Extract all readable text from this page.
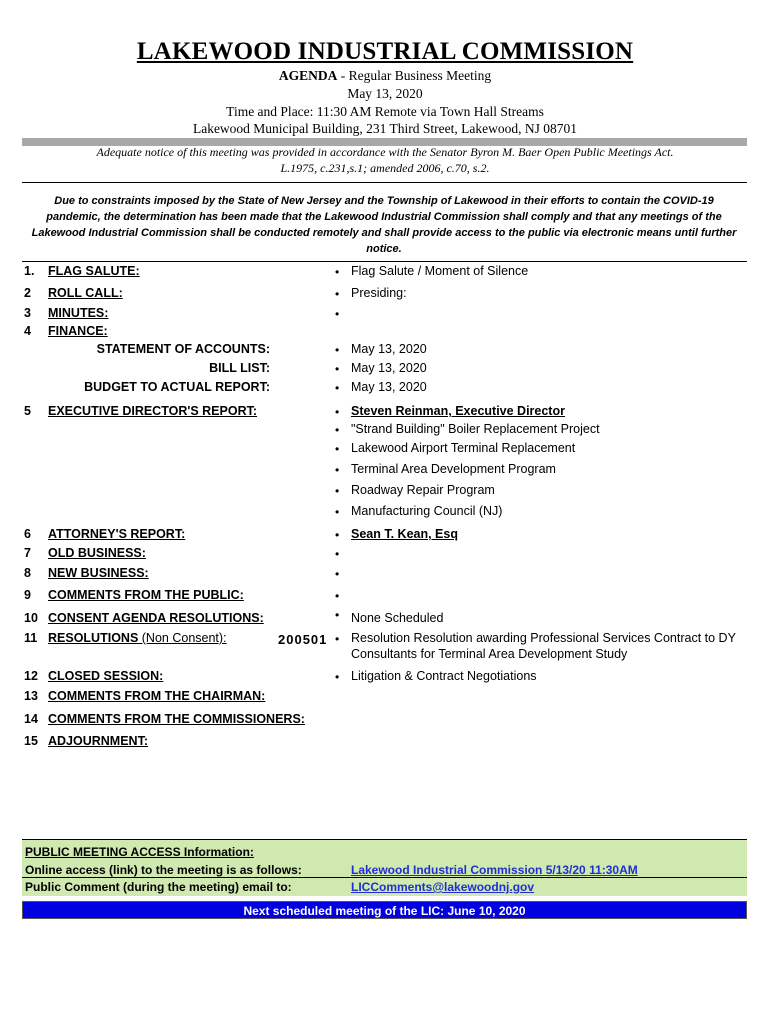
LAKEWOOD INDUSTRIAL COMMISSION
AGENDA - Regular Business Meeting
May 13, 2020
Time and Place: 11:30 AM Remote via Town Hall Streams
Lakewood Municipal Building, 231 Third Street, Lakewood, NJ 08701
Adequate notice of this meeting was provided in accordance with the Senator Byron M. Baer Open Public Meetings Act.
L.1975, c.231,s.1; amended 2006, c.70, s.2.
Due to constraints imposed by the State of New Jersey and the Township of Lakewood in their efforts to contain the COVID-19 pandemic, the determination has been made that the Lakewood Industrial Commission shall comply and that any meetings of the Lakewood Industrial Commission shall be conducted remotely and shall provide access to the public via electronic means until further notice.
1. FLAG SALUTE:	• Flag Salute / Moment of Silence
2 ROLL CALL:	• Presiding:
3 MINUTES:	•
4 FINANCE:
STATEMENT OF ACCOUNTS:	• May 13, 2020
BILL LIST:	• May 13, 2020
BUDGET TO ACTUAL REPORT:	• May 13, 2020
5 EXECUTIVE DIRECTOR'S REPORT:	• Steven Reinman, Executive Director
• "Strand Building" Boiler Replacement Project
• Lakewood Airport Terminal Replacement
• Terminal Area Development Program
• Roadway Repair Program
• Manufacturing Council (NJ)
6 ATTORNEY'S REPORT:	• Sean T. Kean, Esq
7 OLD BUSINESS:	•
8 NEW BUSINESS:	•
9 COMMENTS FROM THE PUBLIC:	•
10 CONSENT AGENDA RESOLUTIONS:	• None Scheduled
11 RESOLUTIONS (Non Consent):	200501 • Resolution Resolution awarding Professional Services Contract to DY
Consultants for Terminal Area Development Study
12 CLOSED SESSION:	• Litigation & Contract Negotiations
13 COMMENTS FROM THE CHAIRMAN:
14 COMMENTS FROM THE COMMISSIONERS:
15 ADJOURNMENT:
PUBLIC MEETING ACCESS Information:
Online access (link) to the meeting is as follows:	Lakewood Industrial Commission 5/13/20 11:30AM
Public Comment (during the meeting) email to:	LICComments@lakewoodnj.gov
Next scheduled meeting of the LIC: June 10, 2020
